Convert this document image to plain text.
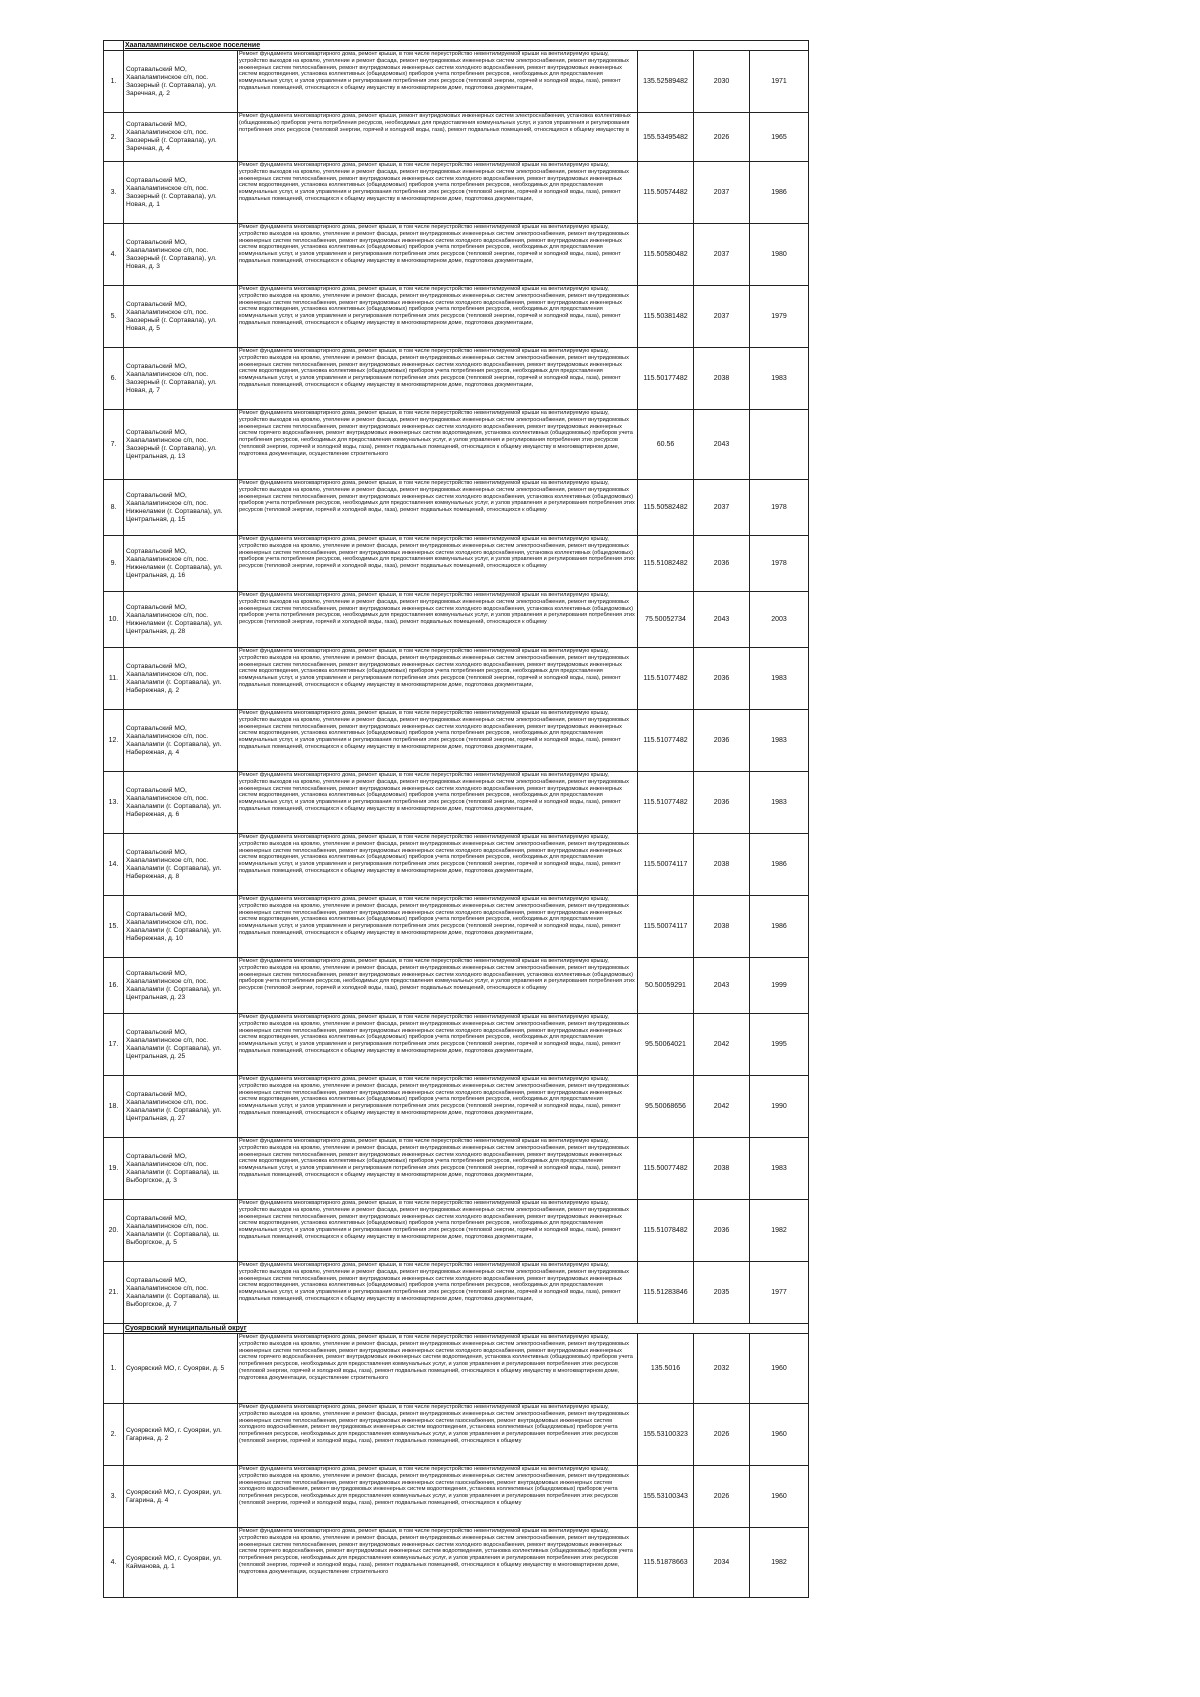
	Хаапалампинское сельское поселение				
1.	Сортавальский МО, Хаапалампинское с/п, пос. Заозерный (г. Сортавала), ул. Заречная, д. 2	Ремонт фундамента многоквартирного дома, ремонт крыши, в том числе переустройство невентилируемой крыши на вентилируемую крышу, устройство выходов на кровлю, утепление и ремонт фасада, ремонт внутридомовых инженерных систем электроснабжения, ремонт внутридомовых инженерных систем теплоснабжения, ремонт внутридомовых инженерных систем холодного водоснабжения, ремонт внутридомовых инженерных систем водоотведения, установка коллективных (общедомовых) приборов учета потребления ресурсов, необходимых для предоставления коммунальных услуг, и узлов управления и регулирования потребления этих ресурсов (тепловой энергии, горячей и холодной воды, газа), ремонт подвальных помещений, относящихся к общему имуществу в многоквартирном доме, подготовка документации,	135.52589482	2030	1971
2.	Сортавальский МО, Хаапалампинское с/п, пос. Заозерный (г. Сортавала), ул. Заречная, д. 4	Ремонт фундамента многоквартирного дома, ремонт крыши, ремонт внутридомовых инженерных систем электроснабжения, установка коллективных (общедомовых) приборов учета потребления ресурсов, необходимых для предоставления коммунальных услуг, и узлов управления и регулирования потребления этих ресурсов (тепловой энергии, горячей и холодной воды, газа), ремонт подвальных помещений, относящихся к общему имуществу в	155.53495482	2026	1965
3.	Сортавальский МО, Хаапалампинское с/п, пос. Заозерный (г. Сортавала), ул. Новая, д. 1	Ремонт фундамента многоквартирного дома, ремонт крыши, в том числе переустройство невентилируемой крыши на вентилируемую крышу, устройство выходов на кровлю, утепление и ремонт фасада, ремонт внутридомовых инженерных систем электроснабжения, ремонт внутридомовых инженерных систем теплоснабжения, ремонт внутридомовых инженерных систем холодного водоснабжения, ремонт внутридомовых инженерных систем водоотведения, установка коллективных (общедомовых) приборов учета потребления ресурсов, необходимых для предоставления коммунальных услуг, и узлов управления и регулирования потребления этих ресурсов (тепловой энергии, горячей и холодной воды, газа), ремонт подвальных помещений, относящихся к общему имуществу в многоквартирном доме, подготовка документации,	115.50574482	2037	1986
4.	Сортавальский МО, Хаапалампинское с/п, пос. Заозерный (г. Сортавала), ул. Новая, д. 3	Ремонт фундамента многоквартирного дома, ремонт крыши, в том числе переустройство невентилируемой крыши на вентилируемую крышу, устройство выходов на кровлю, утепление и ремонт фасада, ремонт внутридомовых инженерных систем электроснабжения, ремонт внутридомовых инженерных систем теплоснабжения, ремонт внутридомовых инженерных систем холодного водоснабжения, ремонт внутридомовых инженерных систем водоотведения, установка коллективных (общедомовых) приборов учета потребления ресурсов, необходимых для предоставления коммунальных услуг, и узлов управления и регулирования потребления этих ресурсов (тепловой энергии, горячей и холодной воды, газа), ремонт подвальных помещений, относящихся к общему имуществу в многоквартирном доме, подготовка документации,	115.50580482	2037	1980
5.	Сортавальский МО, Хаапалампинское с/п, пос. Заозерный (г. Сортавала), ул. Новая, д. 5	Ремонт фундамента многоквартирного дома, ремонт крыши, в том числе переустройство невентилируемой крыши на вентилируемую крышу, устройство выходов на кровлю, утепление и ремонт фасада, ремонт внутридомовых инженерных систем электроснабжения, ремонт внутридомовых инженерных систем теплоснабжения, ремонт внутридомовых инженерных систем холодного водоснабжения, ремонт внутридомовых инженерных систем водоотведения, установка коллективных (общедомовых) приборов учета потребления ресурсов, необходимых для предоставления коммунальных услуг, и узлов управления и регулирования потребления этих ресурсов (тепловой энергии, горячей и холодной воды, газа), ремонт подвальных помещений, относящихся к общему имуществу в многоквартирном доме, подготовка документации,	115.50381482	2037	1979
6.	Сортавальский МО, Хаапалампинское с/п, пос. Заозерный (г. Сортавала), ул. Новая, д. 7	Ремонт фундамента многоквартирного дома, ремонт крыши, в том числе переустройство невентилируемой крыши на вентилируемую крышу, устройство выходов на кровлю, утепление и ремонт фасада, ремонт внутридомовых инженерных систем электроснабжения, ремонт внутридомовых инженерных систем теплоснабжения, ремонт внутридомовых инженерных систем холодного водоснабжения, ремонт внутридомовых инженерных систем водоотведения, установка коллективных (общедомовых) приборов учета потребления ресурсов, необходимых для предоставления коммунальных услуг, и узлов управления и регулирования потребления этих ресурсов (тепловой энергии, горячей и холодной воды, газа), ремонт подвальных помещений, относящихся к общему имуществу в многоквартирном доме, подготовка документации,	115.50177482	2038	1983
7.	Сортавальский МО, Хаапалампинское с/п, пос. Заозерный (г. Сортавала), ул. Центральная, д. 13	Ремонт фундамента многоквартирного дома, ремонт крыши, в том числе переустройство невентилируемой крыши на вентилируемую крышу, устройство выходов на кровлю, утепление и ремонт фасада, ремонт внутридомовых инженерных систем электроснабжения, ремонт внутридомовых инженерных систем теплоснабжения, ремонт внутридомовых инженерных систем холодного водоснабжения, ремонт внутридомовых инженерных систем горячего водоснабжения, ремонт внутридомовых инженерных систем водоотведения, установка коллективных (общедомовых) приборов учета потребления ресурсов, необходимых для предоставления коммунальных услуг, и узлов управления и регулирования потребления этих ресурсов (тепловой энергии, горячей и холодной воды, газа), ремонт подвальных помещений, относящихся к общему имуществу в многоквартирном доме, подготовка документации, осуществление строительного	60.56	2043	
8.	Сортавальский МО, Хаапалампинское с/п, пос. Нижнеламеи (г. Сортавала), ул. Центральная, д. 15	Ремонт фундамента многоквартирного дома, ремонт крыши, в том числе переустройство невентилируемой крыши на вентилируемую крышу, устройство выходов на кровлю, утепление и ремонт фасада, ремонт внутридомовых инженерных систем электроснабжения, ремонт внутридомовых инженерных систем теплоснабжения, ремонт внутридомовых инженерных систем холодного водоснабжения, установка коллективных (общедомовых) приборов учета потребления ресурсов, необходимых для предоставления коммунальных услуг, и узлов управления и регулирования потребления этих ресурсов (тепловой энергии, горячей и холодной воды, газа), ремонт подвальных помещений, относящихся к общему	115.50582482	2037	1978
9.	Сортавальский МО, Хаапалампинское с/п, пос. Нижнеламеи (г. Сортавала), ул. Центральная, д. 16	Ремонт фундамента многоквартирного дома, ремонт крыши, в том числе переустройство невентилируемой крыши на вентилируемую крышу, устройство выходов на кровлю, утепление и ремонт фасада, ремонт внутридомовых инженерных систем электроснабжения, ремонт внутридомовых инженерных систем теплоснабжения, ремонт внутридомовых инженерных систем холодного водоснабжения, установка коллективных (общедомовых) приборов учета потребления ресурсов, необходимых для предоставления коммунальных услуг, и узлов управления и регулирования потребления этих ресурсов (тепловой энергии, горячей и холодной воды, газа), ремонт подвальных помещений, относящихся к общему	115.51082482	2036	1978
10.	Сортавальский МО, Хаапалампинское с/п, пос. Нижнеламеи (г. Сортавала), ул. Центральная, д. 28	Ремонт фундамента многоквартирного дома, ремонт крыши, в том числе переустройство невентилируемой крыши на вентилируемую крышу, устройство выходов на кровлю, утепление и ремонт фасада, ремонт внутридомовых инженерных систем электроснабжения, ремонт внутридомовых инженерных систем теплоснабжения, ремонт внутридомовых инженерных систем холодного водоснабжения, установка коллективных (общедомовых) приборов учета потребления ресурсов, необходимых для предоставления коммунальных услуг, и узлов управления и регулирования потребления этих ресурсов (тепловой энергии, горячей и холодной воды, газа), ремонт подвальных помещений, относящихся к общему	75.50052734	2043	2003
11.	Сортавальский МО, Хаапалампинское с/п, пос. Хаапалампи (г. Сортавала), ул. Набережная, д. 2	Ремонт фундамента многоквартирного дома, ремонт крыши, в том числе переустройство невентилируемой крыши на вентилируемую крышу, устройство выходов на кровлю, утепление и ремонт фасада, ремонт внутридомовых инженерных систем электроснабжения, ремонт внутридомовых инженерных систем теплоснабжения, ремонт внутридомовых инженерных систем холодного водоснабжения, ремонт внутридомовых инженерных систем водоотведения, установка коллективных (общедомовых) приборов учета потребления ресурсов, необходимых для предоставления коммунальных услуг, и узлов управления и регулирования потребления этих ресурсов (тепловой энергии, горячей и холодной воды, газа), ремонт подвальных помещений, относящихся к общему имуществу в многоквартирном доме, подготовка документации,	115.51077482	2036	1983
12.	Сортавальский МО, Хаапалампинское с/п, пос. Хаапалампи (г. Сортавала), ул. Набережная, д. 4	Ремонт фундамента многоквартирного дома, ремонт крыши, в том числе переустройство невентилируемой крыши на вентилируемую крышу, устройство выходов на кровлю, утепление и ремонт фасада, ремонт внутридомовых инженерных систем электроснабжения, ремонт внутридомовых инженерных систем теплоснабжения, ремонт внутридомовых инженерных систем холодного водоснабжения, ремонт внутридомовых инженерных систем водоотведения, установка коллективных (общедомовых) приборов учета потребления ресурсов, необходимых для предоставления коммунальных услуг, и узлов управления и регулирования потребления этих ресурсов (тепловой энергии, горячей и холодной воды, газа), ремонт подвальных помещений, относящихся к общему имуществу в многоквартирном доме, подготовка документации,	115.51077482	2036	1983
13.	Сортавальский МО, Хаапалампинское с/п, пос. Хаапалампи (г. Сортавала), ул. Набережная, д. 6	Ремонт фундамента многоквартирного дома, ремонт крыши, в том числе переустройство невентилируемой крыши на вентилируемую крышу, устройство выходов на кровлю, утепление и ремонт фасада, ремонт внутридомовых инженерных систем электроснабжения, ремонт внутридомовых инженерных систем теплоснабжения, ремонт внутридомовых инженерных систем холодного водоснабжения, ремонт внутридомовых инженерных систем водоотведения, установка коллективных (общедомовых) приборов учета потребления ресурсов, необходимых для предоставления коммунальных услуг, и узлов управления и регулирования потребления этих ресурсов (тепловой энергии, горячей и холодной воды, газа), ремонт подвальных помещений, относящихся к общему имуществу в многоквартирном доме, подготовка документации,	115.51077482	2036	1983
14.	Сортавальский МО, Хаапалампинское с/п, пос. Хаапалампи (г. Сортавала), ул. Набережная, д. 8	Ремонт фундамента многоквартирного дома, ремонт крыши, в том числе переустройство невентилируемой крыши на вентилируемую крышу, устройство выходов на кровлю, утепление и ремонт фасада, ремонт внутридомовых инженерных систем электроснабжения, ремонт внутридомовых инженерных систем теплоснабжения, ремонт внутридомовых инженерных систем холодного водоснабжения, ремонт внутридомовых инженерных систем водоотведения, установка коллективных (общедомовых) приборов учета потребления ресурсов, необходимых для предоставления коммунальных услуг, и узлов управления и регулирования потребления этих ресурсов (тепловой энергии, горячей и холодной воды, газа), ремонт подвальных помещений, относящихся к общему имуществу в многоквартирном доме, подготовка документации,	115.50074117	2038	1986
15.	Сортавальский МО, Хаапалампинское с/п, пос. Хаапалампи (г. Сортавала), ул. Набережная, д. 10	Ремонт фундамента многоквартирного дома, ремонт крыши, в том числе переустройство невентилируемой крыши на вентилируемую крышу, устройство выходов на кровлю, утепление и ремонт фасада, ремонт внутридомовых инженерных систем электроснабжения, ремонт внутридомовых инженерных систем теплоснабжения, ремонт внутридомовых инженерных систем холодного водоснабжения, ремонт внутридомовых инженерных систем водоотведения, установка коллективных (общедомовых) приборов учета потребления ресурсов, необходимых для предоставления коммунальных услуг, и узлов управления и регулирования потребления этих ресурсов (тепловой энергии, горячей и холодной воды, газа), ремонт подвальных помещений, относящихся к общему имуществу в многоквартирном доме, подготовка документации,	115.50074117	2038	1986
16.	Сортавальский МО, Хаапалампинское с/п, пос. Хаапалампи (г. Сортавала), ул. Центральная, д. 23	Ремонт фундамента многоквартирного дома, ремонт крыши, в том числе переустройство невентилируемой крыши на вентилируемую крышу, устройство выходов на кровлю, утепление и ремонт фасада, ремонт внутридомовых инженерных систем электроснабжения, ремонт внутридомовых инженерных систем теплоснабжения, ремонт внутридомовых инженерных систем холодного водоснабжения, установка коллективных (общедомовых) приборов учета потребления ресурсов, необходимых для предоставления коммунальных услуг, и узлов управления и регулирования потребления этих ресурсов (тепловой энергии, горячей и холодной воды, газа), ремонт подвальных помещений, относящихся к общему	50.50059291	2043	1999
17.	Сортавальский МО, Хаапалампинское с/п, пос. Хаапалампи (г. Сортавала), ул. Центральная, д. 25	Ремонт фундамента многоквартирного дома, ремонт крыши, в том числе переустройство невентилируемой крыши на вентилируемую крышу, устройство выходов на кровлю, утепление и ремонт фасада, ремонт внутридомовых инженерных систем электроснабжения, ремонт внутридомовых инженерных систем теплоснабжения, ремонт внутридомовых инженерных систем холодного водоснабжения, ремонт внутридомовых инженерных систем водоотведения, установка коллективных (общедомовых) приборов учета потребления ресурсов, необходимых для предоставления коммунальных услуг, и узлов управления и регулирования потребления этих ресурсов (тепловой энергии, горячей и холодной воды, газа), ремонт подвальных помещений, относящихся к общему имуществу в многоквартирном доме, подготовка документации,	95.50064021	2042	1995
18.	Сортавальский МО, Хаапалампинское с/п, пос. Хаапалампи (г. Сортавала), ул. Центральная, д. 27	Ремонт фундамента многоквартирного дома, ремонт крыши, в том числе переустройство невентилируемой крыши на вентилируемую крышу, устройство выходов на кровлю, утепление и ремонт фасада, ремонт внутридомовых инженерных систем электроснабжения, ремонт внутридомовых инженерных систем теплоснабжения, ремонт внутридомовых инженерных систем холодного водоснабжения, ремонт внутридомовых инженерных систем водоотведения, установка коллективных (общедомовых) приборов учета потребления ресурсов, необходимых для предоставления коммунальных услуг, и узлов управления и регулирования потребления этих ресурсов (тепловой энергии, горячей и холодной воды, газа), ремонт подвальных помещений, относящихся к общему имуществу в многоквартирном доме, подготовка документации,	95.50068656	2042	1990
19.	Сортавальский МО, Хаапалампинское с/п, пос. Хаапалампи (г. Сортавала), ш. Выборгское, д. 3	Ремонт фундамента многоквартирного дома, ремонт крыши, в том числе переустройство невентилируемой крыши на вентилируемую крышу, устройство выходов на кровлю, утепление и ремонт фасада, ремонт внутридомовых инженерных систем электроснабжения, ремонт внутридомовых инженерных систем теплоснабжения, ремонт внутридомовых инженерных систем холодного водоснабжения, ремонт внутридомовых инженерных систем водоотведения, установка коллективных (общедомовых) приборов учета потребления ресурсов, необходимых для предоставления коммунальных услуг, и узлов управления и регулирования потребления этих ресурсов (тепловой энергии, горячей и холодной воды, газа), ремонт подвальных помещений, относящихся к общему имуществу в многоквартирном доме, подготовка документации,	115.50077482	2038	1983
20.	Сортавальский МО, Хаапалампинское с/п, пос. Хаапалампи (г. Сортавала), ш. Выборгское, д. 5	Ремонт фундамента многоквартирного дома, ремонт крыши, в том числе переустройство невентилируемой крыши на вентилируемую крышу, устройство выходов на кровлю, утепление и ремонт фасада, ремонт внутридомовых инженерных систем электроснабжения, ремонт внутридомовых инженерных систем теплоснабжения, ремонт внутридомовых инженерных систем холодного водоснабжения, ремонт внутридомовых инженерных систем водоотведения, установка коллективных (общедомовых) приборов учета потребления ресурсов, необходимых для предоставления коммунальных услуг, и узлов управления и регулирования потребления этих ресурсов (тепловой энергии, горячей и холодной воды, газа), ремонт подвальных помещений, относящихся к общему имуществу в многоквартирном доме, подготовка документации,	115.51078482	2036	1982
21.	Сортавальский МО, Хаапалампинское с/п, пос. Хаапалампи (г. Сортавала), ш. Выборгское, д. 7	Ремонт фундамента многоквартирного дома, ремонт крыши, в том числе переустройство невентилируемой крыши на вентилируемую крышу, устройство выходов на кровлю, утепление и ремонт фасада, ремонт внутридомовых инженерных систем электроснабжения, ремонт внутридомовых инженерных систем теплоснабжения, ремонт внутридомовых инженерных систем холодного водоснабжения, ремонт внутридомовых инженерных систем водоотведения, установка коллективных (общедомовых) приборов учета потребления ресурсов, необходимых для предоставления коммунальных услуг, и узлов управления и регулирования потребления этих ресурсов (тепловой энергии, горячей и холодной воды, газа), ремонт подвальных помещений, относящихся к общему имуществу в многоквартирном доме, подготовка документации,	115.51283846	2035	1977
	Суоярвский муниципальный округ				
1.	Суоярвский МО, г. Суоярви, д. 5	Ремонт фундамента многоквартирного дома, ремонт крыши, в том числе переустройство невентилируемой крыши на вентилируемую крышу, устройство выходов на кровлю, утепление и ремонт фасада, ремонт внутридомовых инженерных систем электроснабжения, ремонт внутридомовых инженерных систем теплоснабжения, ремонт внутридомовых инженерных систем холодного водоснабжения, ремонт внутридомовых инженерных систем горячего водоснабжения, ремонт внутридомовых инженерных систем водоотведения, установка коллективных (общедомовых) приборов учета потребления ресурсов, необходимых для предоставления коммунальных услуг, и узлов управления и регулирования потребления этих ресурсов (тепловой энергии, горячей и холодной воды, газа), ремонт подвальных помещений, относящихся к общему имуществу в многоквартирном доме, подготовка документации, осуществление строительного	135.5016	2032	1960
2.	Суоярвский МО, г. Суоярви, ул. Гагарина, д. 2	Ремонт фундамента многоквартирного дома, ремонт крыши, в том числе переустройство невентилируемой крыши на вентилируемую крышу, устройство выходов на кровлю, утепление и ремонт фасада, ремонт внутридомовых инженерных систем электроснабжения, ремонт внутридомовых инженерных систем теплоснабжения, ремонт внутридомовых инженерных систем газоснабжения, ремонт внутридомовых инженерных систем холодного водоснабжения, ремонт внутридомовых инженерных систем водоотведения, установка коллективных (общедомовых) приборов учета потребления ресурсов, необходимых для предоставления коммунальных услуг, и узлов управления и регулирования потребления этих ресурсов (тепловой энергии, горячей и холодной воды, газа), ремонт подвальных помещений, относящихся к общему	155.53100323	2026	1960
3.	Суоярвский МО, г. Суоярви, ул. Гагарина, д. 4	Ремонт фундамента многоквартирного дома, ремонт крыши, в том числе переустройство невентилируемой крыши на вентилируемую крышу, устройство выходов на кровлю, утепление и ремонт фасада, ремонт внутридомовых инженерных систем электроснабжения, ремонт внутридомовых инженерных систем теплоснабжения, ремонт внутридомовых инженерных систем газоснабжения, ремонт внутридомовых инженерных систем холодного водоснабжения, ремонт внутридомовых инженерных систем водоотведения, установка коллективных (общедомовых) приборов учета потребления ресурсов, необходимых для предоставления коммунальных услуг, и узлов управления и регулирования потребления этих ресурсов (тепловой энергии, горячей и холодной воды, газа), ремонт подвальных помещений, относящихся к общему	155.53100343	2026	1960
4.	Суоярвский МО, г. Суоярви, ул. Кайманова, д. 1	Ремонт фундамента многоквартирного дома, ремонт крыши, в том числе переустройство невентилируемой крыши на вентилируемую крышу, устройство выходов на кровлю, утепление и ремонт фасада, ремонт внутридомовых инженерных систем электроснабжения, ремонт внутридомовых инженерных систем теплоснабжения, ремонт внутридомовых инженерных систем холодного водоснабжения, ремонт внутридомовых инженерных систем горячего водоснабжения, ремонт внутридомовых инженерных систем водоотведения, установка коллективных (общедомовых) приборов учета потребления ресурсов, необходимых для предоставления коммунальных услуг, и узлов управления и регулирования потребления этих ресурсов (тепловой энергии, горячей и холодной воды, газа), ремонт подвальных помещений, относящихся к общему имуществу в многоквартирном доме, подготовка документации, осуществление строительного	115.51878663	2034	1982
